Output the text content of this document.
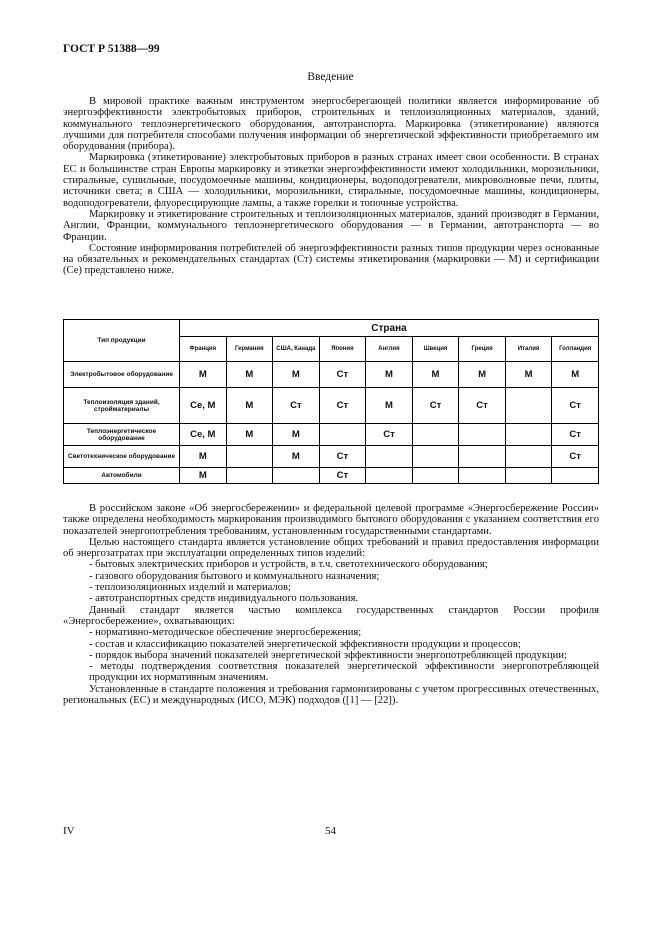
ГОСТ Р 51388—99
Введение

В мировой практике важным инструментом энергосберегающей политики является информирование об энергоэффективности электробытовых приборов, строительных и теплоизоляционных материалов, зданий, коммунального теплоэнергетического оборудования, автотранспорта. Маркировка (этикетирование) являются лучшими для потребителя способами получения информации об энергетической эффективности приобретаемого им оборудования (прибора).

Маркировка (этикетирование) электробытовых приборов в разных странах имеет свои особенности. В странах ЕС и большинстве стран Европы маркировку и этикетки энергоэффективности имеют холодильники, морозильники, стиральные, сушильные, посудомоечные машины, кондиционеры, водоподогреватели, микроволновые печи, плиты, источники света; в США — холодильники, морозильники, стиральные, посудомоечные машины, кондиционеры, водоподогреватели, флуоресцирующие лампы, а также горелки и топочные устройства.

Маркировку и этикетирование строительных и теплоизоляционных материалов, зданий производят в Германии, Англии, Франции, коммунального теплоэнергетического оборудования — в Германии, автотранспорта — во Франции.

Состояние информирования потребителей об энергоэффективности разных типов продукции через основанные на обязательных и рекомендательных стандартах (Ст) системы этикетирования (маркировки — М) и сертификации (Се) представлено ниже.

Тип продукции	Страна								
	Франция	Германия	США, Канада	Япония	Англия	Швеция	Греция	Италия	Голландия
Электробытовое оборудование	М	М	М	Ст	М	М	М	М	М
Теплоизоляция зданий, стройматериалы	Се, М	М	Ст	Ст	М	Ст	Ст		Ст
Теплоэнергетическое оборудование	Се, М	М	М		Ст				Ст
Светотехническое оборудование	М		М	Ст					Ст
Автомобили	М			Ст					

В российском законе «Об энергосбережении» и федеральной целевой программе «Энергосбережение России» также определена необходимость маркирования производимого бытового оборудования с указанием соответствия его показателей энергопотребления требованиям, установленным государственными стандартами.

Целью настоящего стандарта является установление общих требований и правил предоставления информации об энергозатратах при эксплуатации определенных типов изделий:

- бытовых электрических приборов и устройств, в т.ч. светотехнического оборудования;

- газового оборудования бытового и коммунального назначения;

- теплоизоляционных изделий и материалов;

- автотранспортных средств индивидуального пользования.

Данный стандарт является частью комплекса государственных стандартов России профиля «Энергосбережение», охватывающих:

- нормативно-методическое обеспечение энергосбережения;

- состав и классификацию показателей энергетической эффективности продукции и процессов;

- порядок выбора значений показателей энергетической эффективности энергопотребляющей продукции;

- методы подтверждения соответствия показателей энергетической эффективности энергопотребляющей продукции их нормативным значениям.

Установленные в стандарте положения и требования гармонизированы с учетом прогрессивных отечественных, региональных (ЕС) и международных (ИСО, МЭК) подходов ([1] — [22]).

IV	54
